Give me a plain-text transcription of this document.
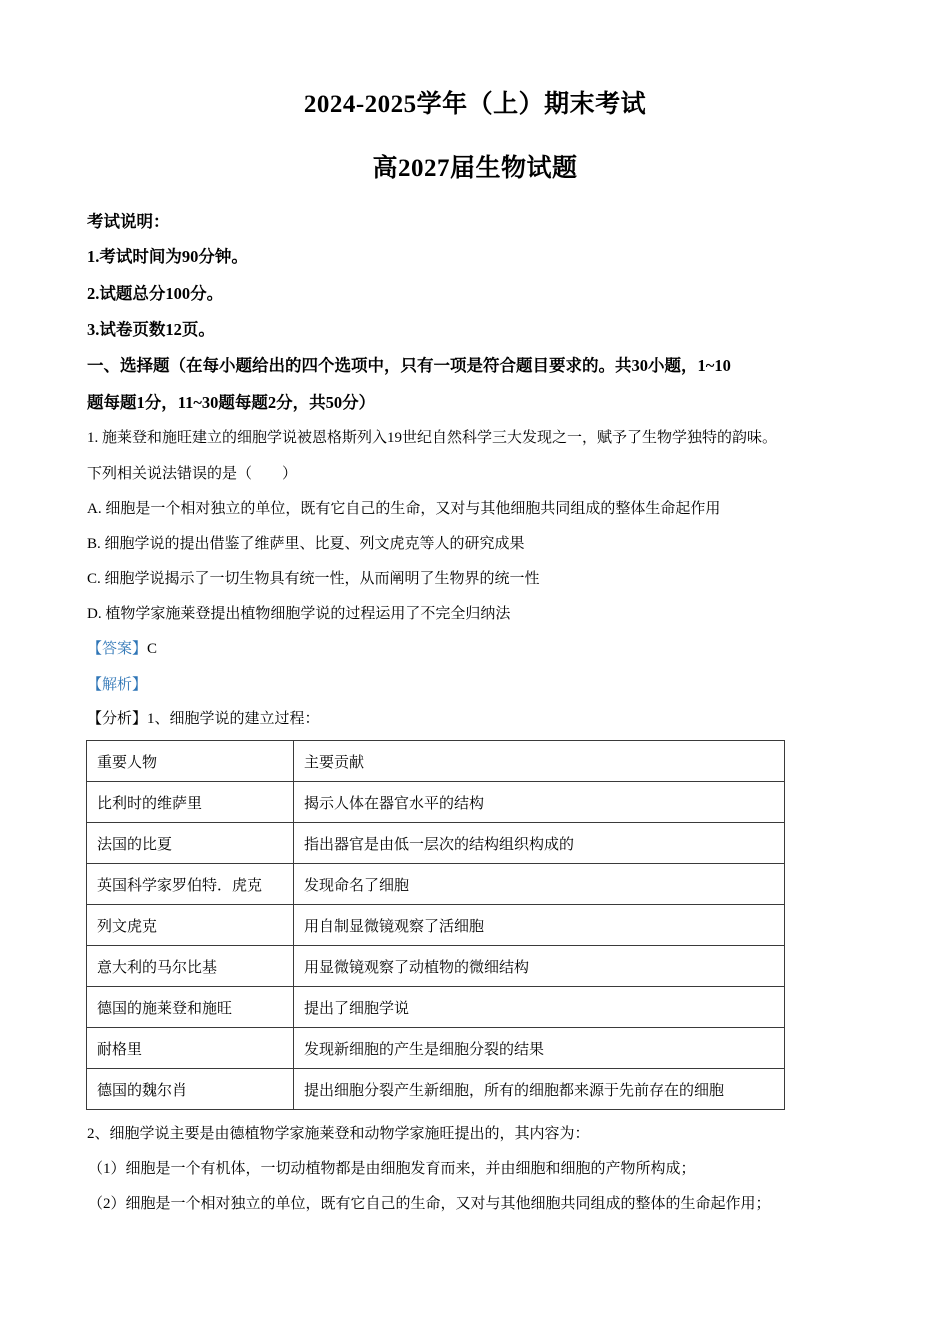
2024-2025学年（上）期末考试
高2027届生物试题
考试说明：
1.考试时间为90分钟。
2.试题总分100分。
3.试卷页数12页。
一、选择题（在每小题给出的四个选项中，只有一项是符合题目要求的。共30小题，1~10
题每题1分，11~30题每题2分，共50分）
1. 施莱登和施旺建立的细胞学说被恩格斯列入19世纪自然科学三大发现之一，赋予了生物学独特的韵味。
下列相关说法错误的是（　　）
A. 细胞是一个相对独立的单位，既有它自己的生命，又对与其他细胞共同组成的整体生命起作用
B. 细胞学说的提出借鉴了维萨里、比夏、列文虎克等人的研究成果
C. 细胞学说揭示了一切生物具有统一性，从而阐明了生物界的统一性
D. 植物学家施莱登提出植物细胞学说的过程运用了不完全归纳法
【答案】C
【解析】
【分析】1、细胞学说的建立过程：
重要人物	主要贡献
比利时的维萨里	揭示人体在器官水平的结构
法国的比夏	指出器官是由低一层次的结构组织构成的
英国科学家罗伯特．虎克	发现命名了细胞
列文虎克	用自制显微镜观察了活细胞
意大利的马尔比基	用显微镜观察了动植物的微细结构
德国的施莱登和施旺	提出了细胞学说
耐格里	发现新细胞的产生是细胞分裂的结果
德国的魏尔肖	提出细胞分裂产生新细胞，所有的细胞都来源于先前存在的细胞
2、细胞学说主要是由德植物学家施莱登和动物学家施旺提出的，其内容为：
（1）细胞是一个有机体，一切动植物都是由细胞发育而来，并由细胞和细胞的产物所构成；
（2）细胞是一个相对独立的单位，既有它自己的生命，又对与其他细胞共同组成的整体的生命起作用；
